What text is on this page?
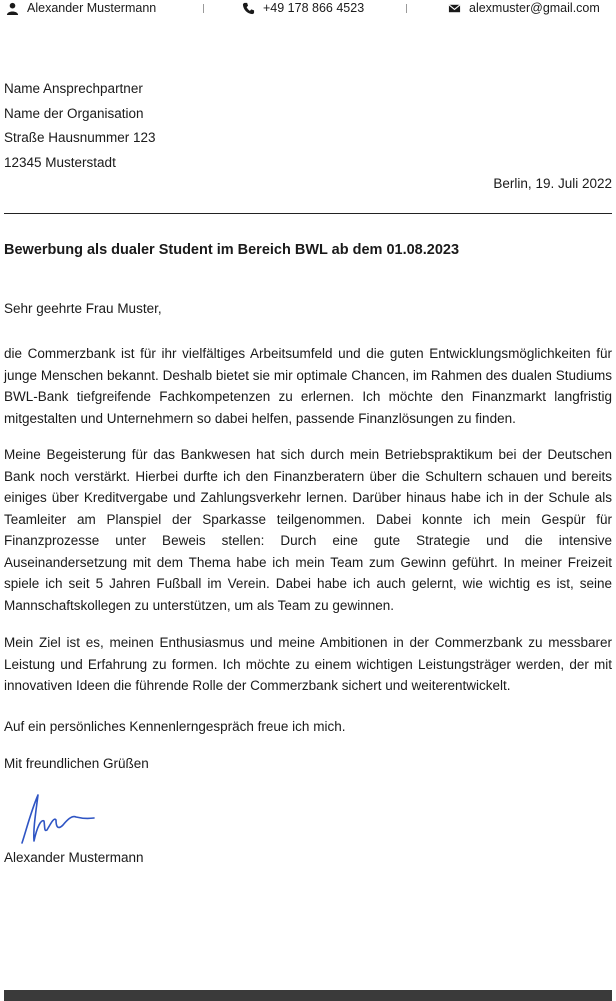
Alexander Mustermann	+49 178 866 4523	alexmuster@gmail.com
Name Ansprechpartner
Name der Organisation
Straße Hausnummer 123
12345 Musterstadt
Berlin, 19. Juli 2022
Bewerbung als dualer Student im Bereich BWL ab dem 01.08.2023
Sehr geehrte Frau Muster,
die Commerzbank ist für ihr vielfältiges Arbeitsumfeld und die guten Entwicklungsmöglichkeiten für junge Menschen bekannt. Deshalb bietet sie mir optimale Chancen, im Rahmen des dualen Studiums BWL-Bank tiefgreifende Fachkompetenzen zu erlernen. Ich möchte den Finanzmarkt langfristig mitgestalten und Unternehmern so dabei helfen, passende Finanzlösungen zu finden.
Meine Begeisterung für das Bankwesen hat sich durch mein Betriebspraktikum bei der Deutschen Bank noch verstärkt. Hierbei durfte ich den Finanzberatern über die Schultern schauen und bereits einiges über Kreditvergabe und Zahlungsverkehr lernen. Darüber hinaus habe ich in der Schule als Teamleiter am Planspiel der Sparkasse teilgenommen. Dabei konnte ich mein Gespür für Finanzprozesse unter Beweis stellen: Durch eine gute Strategie und die intensive Auseinandersetzung mit dem Thema habe ich mein Team zum Gewinn geführt. In meiner Freizeit spiele ich seit 5 Jahren Fußball im Verein. Dabei habe ich auch gelernt, wie wichtig es ist, seine Mannschaftskollegen zu unterstützen, um als Team zu gewinnen.
Mein Ziel ist es, meinen Enthusiasmus und meine Ambitionen in der Commerzbank zu messbarer Leistung und Erfahrung zu formen. Ich möchte zu einem wichtigen Leistungsträger werden, der mit innovativen Ideen die führende Rolle der Commerzbank sichert und weiterentwickelt.
Auf ein persönliches Kennenlerngespräch freue ich mich.
Mit freundlichen Grüßen
Alexander Mustermann
